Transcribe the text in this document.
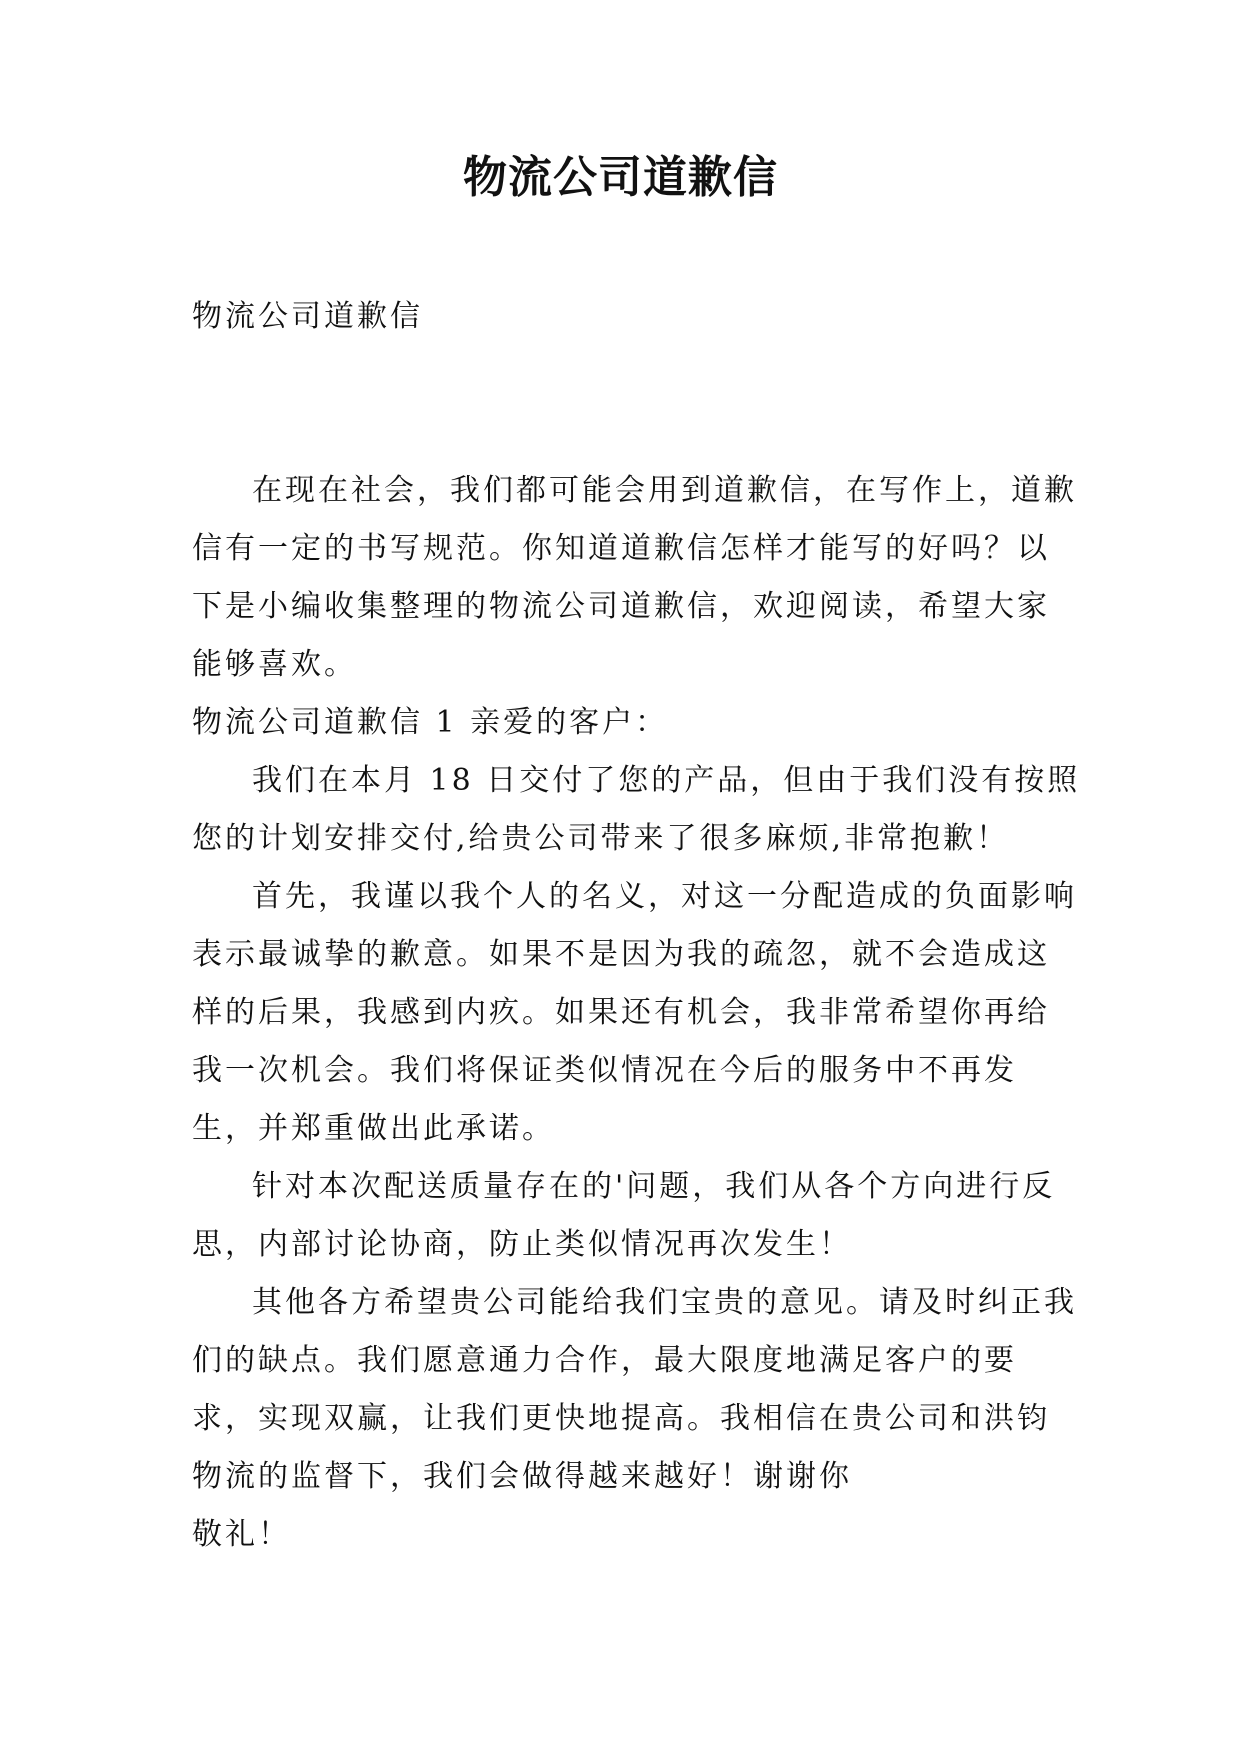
物流公司道歉信
物流公司道歉信

在现在社会，我们都可能会用到道歉信，在写作上，道歉信有一定的书写规范。你知道道歉信怎样才能写的好吗？以下是小编收集整理的物流公司道歉信，欢迎阅读，希望大家能够喜欢。

物流公司道歉信 1 亲爱的客户：

我们在本月 18 日交付了您的产品，但由于我们没有按照您的计划安排交付,给贵公司带来了很多麻烦,非常抱歉！

首先，我谨以我个人的名义，对这一分配造成的负面影响表示最诚挚的歉意。如果不是因为我的疏忽，就不会造成这样的后果，我感到内疚。如果还有机会，我非常希望你再给我一次机会。我们将保证类似情况在今后的服务中不再发生，并郑重做出此承诺。

针对本次配送质量存在的'问题，我们从各个方向进行反思，内部讨论协商，防止类似情况再次发生！

其他各方希望贵公司能给我们宝贵的意见。请及时纠正我们的缺点。我们愿意通力合作，最大限度地满足客户的要求，实现双赢，让我们更快地提高。我相信在贵公司和洪钧物流的监督下，我们会做得越来越好！谢谢你

敬礼！
